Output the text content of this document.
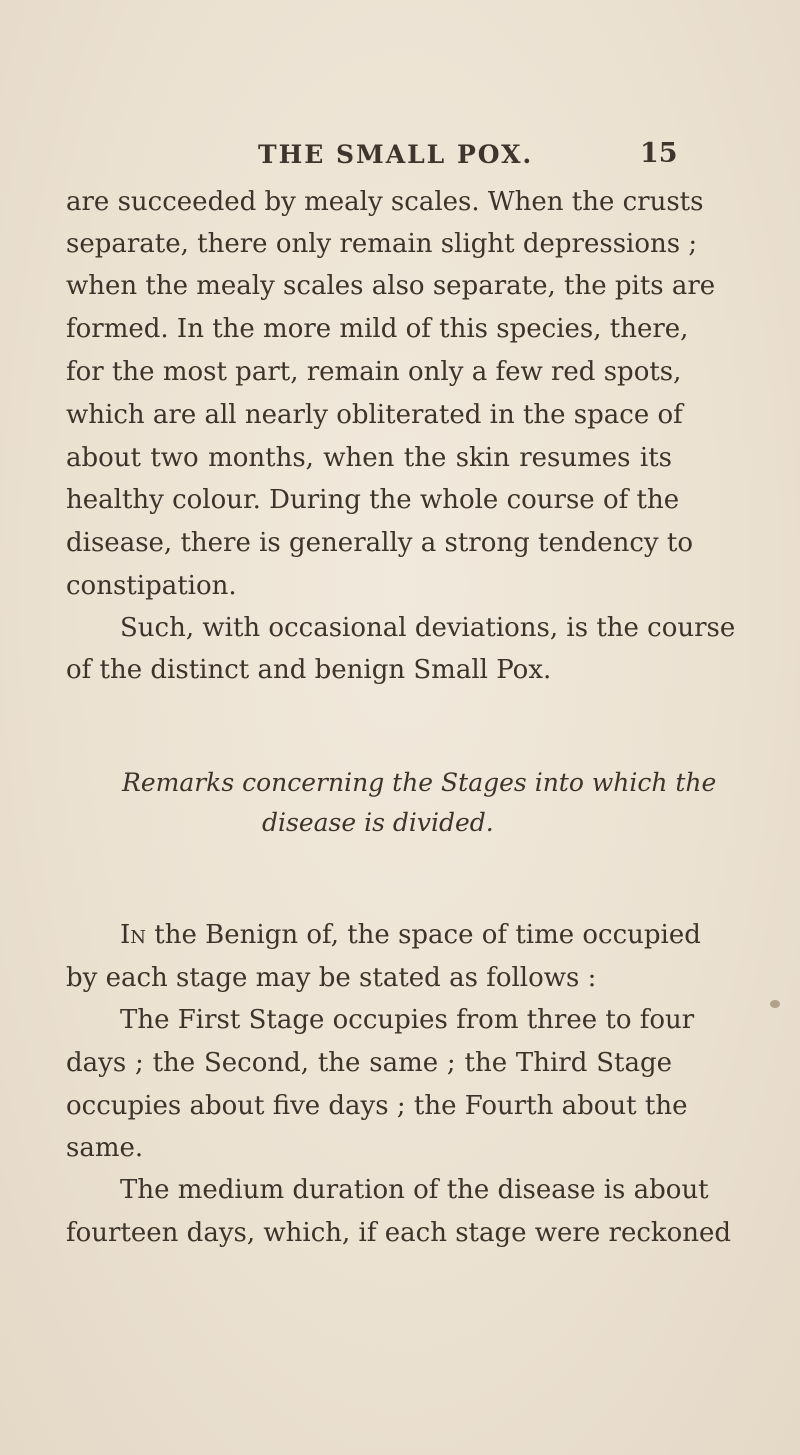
THE SMALL POX.	15
are succeeded by mealy scales. When the crusts
separate, there only remain slight depressions ;
when the mealy scales also separate, the pits are
formed. In the more mild of this species, there,
for the most part, remain only a few red spots,
which are all nearly obliterated in the space of
about two months, when the skin resumes its
healthy colour. During the whole course of the
disease, there is generally a strong tendency to
constipation.
Such, with occasional deviations, is the course
of the distinct and benign Small Pox.
Remarks concerning the Stages into which the
disease is divided.
In the Benign of, the space of time occupied
by each stage may be stated as follows :
The First Stage occupies from three to four
days ; the Second, the same ; the Third Stage
occupies about five days ; the Fourth about the
same.
The medium duration of the disease is about
fourteen days, which, if each stage were reckoned
